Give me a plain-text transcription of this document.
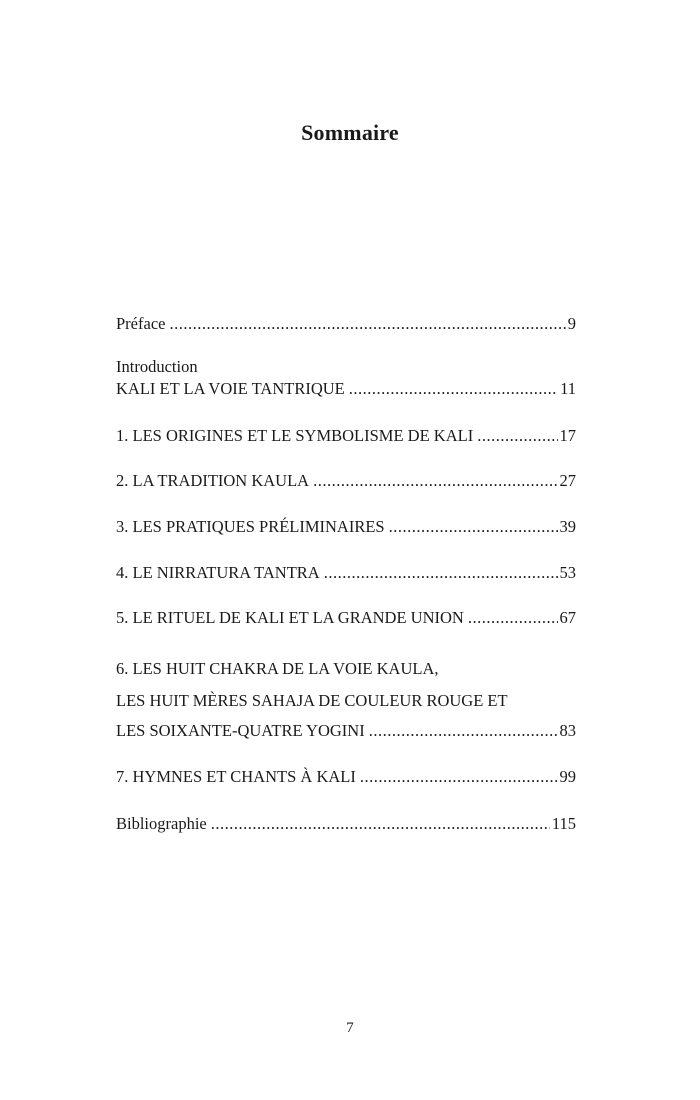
Sommaire
Préface .....	9
Introduction
KALI ET LA VOIE TANTRIQUE .....	11
1. LES ORIGINES ET LE SYMBOLISME DE KALI .....	17
2. LA TRADITION KAULA .....	27
3. LES PRATIQUES PRÉLIMINAIRES .....	39
4. LE NIRRATURA TANTRA .....	53
5. LE RITUEL DE KALI ET LA GRANDE UNION .....	67
6. LES HUIT CHAKRA DE LA VOIE KAULA,
LES HUIT MÈRES SAHAJA DE COULEUR ROUGE ET
LES SOIXANTE-QUATRE YOGINI .....	83
7. HYMNES ET CHANTS À KALI .....	99
Bibliographie .....	115
7
